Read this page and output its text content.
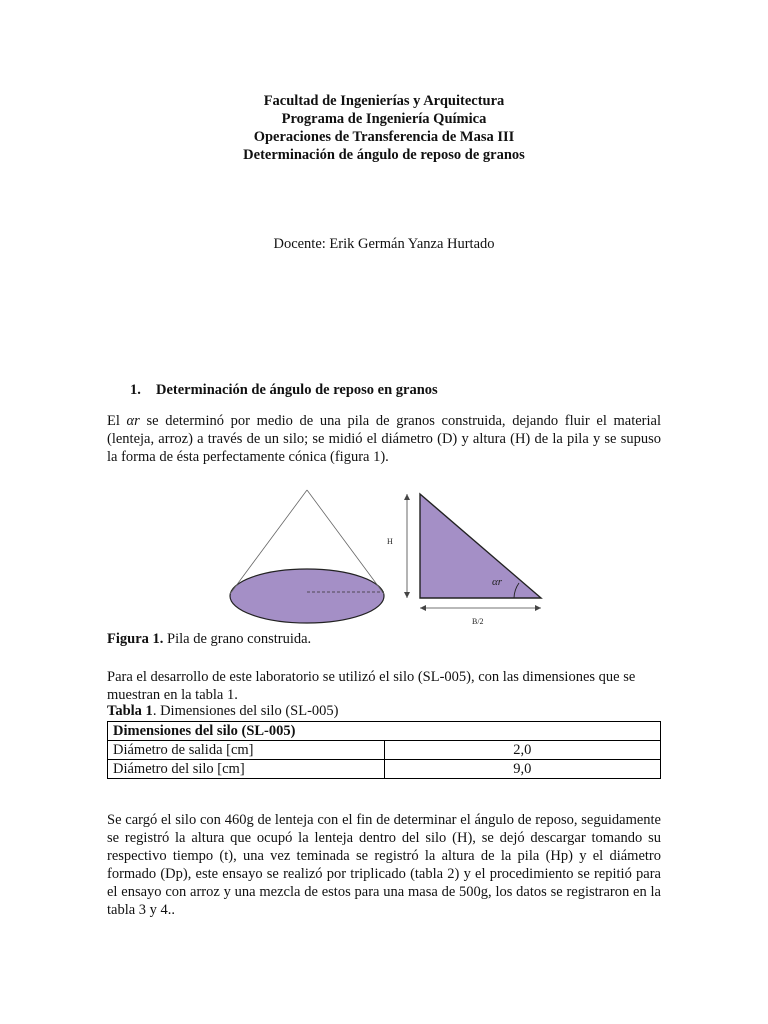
Facultad de Ingenierías y Arquitectura
Programa de Ingeniería Química
Operaciones de Transferencia de Masa III
Determinación de ángulo de reposo de granos
Docente: Erik Germán Yanza Hurtado
1. Determinación de ángulo de reposo en granos
El αr se determinó por medio de una pila de granos construida, dejando fluir el material (lenteja, arroz) a través de un silo; se midió el diámetro (D) y altura (H) de la pila y se supuso la forma de ésta perfectamente cónica (figura 1).
H
B/2
αr
Figura 1. Pila de grano construida.
Para el desarrollo de este laboratorio se utilizó el silo (SL-005), con las dimensiones que se muestran en la tabla 1.
Tabla 1. Dimensiones del silo (SL-005)
Dimensiones del silo (SL-005)	
Diámetro de salida [cm]	2,0
Diámetro del silo [cm]	9,0
Se cargó el silo con 460g de lenteja con el fin de determinar el ángulo de reposo, seguidamente se registró la altura que ocupó la lenteja dentro del silo (H), se dejó descargar tomando su respectivo tiempo (t), una vez teminada se registró la altura de la pila (Hp) y el diámetro formado (Dp), este ensayo se realizó por triplicado (tabla 2) y el procedimiento se repitió para el ensayo con arroz y una mezcla de estos para una masa de 500g, los datos se registraron en la tabla 3 y 4..
